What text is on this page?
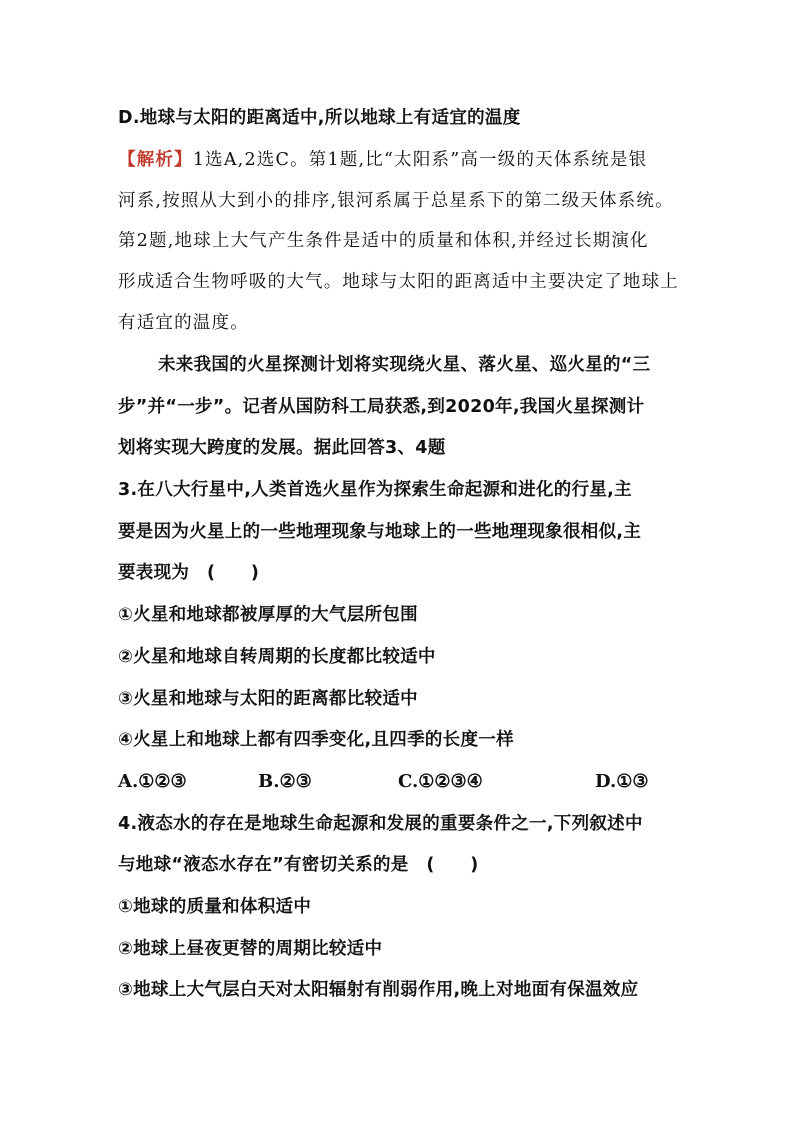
D.地球与太阳的距离适中,所以地球上有适宜的温度
【解析】1选A,2选C。第1题,比“太阳系”高一级的天体系统是银
河系,按照从大到小的排序,银河系属于总星系下的第二级天体系统。
第2题,地球上大气产生条件是适中的质量和体积,并经过长期演化
形成适合生物呼吸的大气。地球与太阳的距离适中主要决定了地球上
有适宜的温度。
未来我国的火星探测计划将实现绕火星、落火星、巡火星的“三
步”并“一步”。记者从国防科工局获悉,到2020年,我国火星探测计
划将实现大跨度的发展。据此回答3、4题
3.在八大行星中,人类首选火星作为探索生命起源和进化的行星,主
要是因为火星上的一些地理现象与地球上的一些地理现象很相似,主
要表现为　(　　)
①火星和地球都被厚厚的大气层所包围
②火星和地球自转周期的长度都比较适中
③火星和地球与太阳的距离都比较适中
④火星上和地球上都有四季变化,且四季的长度一样
A.①②③	B.②③	C.①②③④	D.①③
4.液态水的存在是地球生命起源和发展的重要条件之一,下列叙述中
与地球“液态水存在”有密切关系的是　(　　)
①地球的质量和体积适中
②地球上昼夜更替的周期比较适中
③地球上大气层白天对太阳辐射有削弱作用,晚上对地面有保温效应
